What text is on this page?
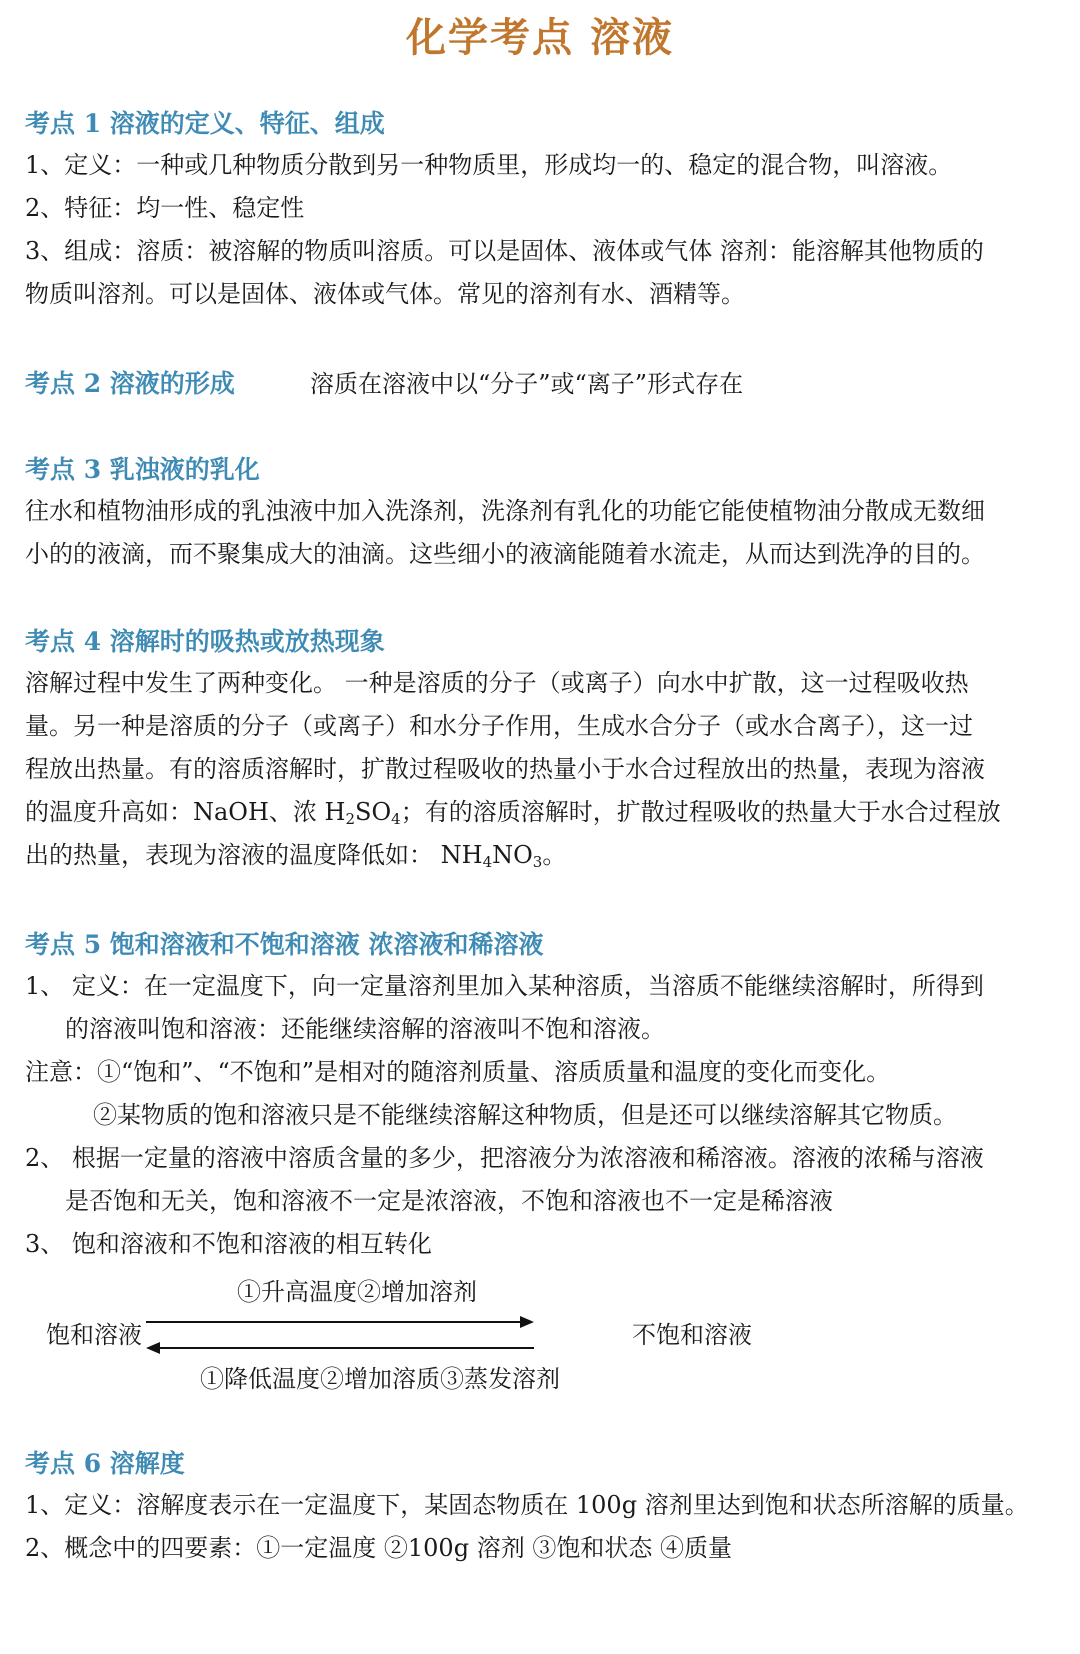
化学考点 溶液
考点 1 溶液的定义、特征、组成
1、定义：一种或几种物质分散到另一种物质里，形成均一的、稳定的混合物，叫溶液。
2、特征：均一性、稳定性
3、组成：溶质：被溶解的物质叫溶质。可以是固体、液体或气体 溶剂：能溶解其他物质的
物质叫溶剂。可以是固体、液体或气体。常见的溶剂有水、酒精等。
考点 2 溶液的形成	溶质在溶液中以“分子”或“离子”形式存在
考点 3 乳浊液的乳化
往水和植物油形成的乳浊液中加入洗涤剂，洗涤剂有乳化的功能它能使植物油分散成无数细
小的的液滴，而不聚集成大的油滴。这些细小的液滴能随着水流走，从而达到洗净的目的。
考点 4 溶解时的吸热或放热现象
溶解过程中发生了两种变化。 一种是溶质的分子（或离子）向水中扩散，这一过程吸收热
量。另一种是溶质的分子（或离子）和水分子作用，生成水合分子（或水合离子），这一过
程放出热量。有的溶质溶解时，扩散过程吸收的热量小于水合过程放出的热量，表现为溶液
的温度升高如：NaOH、浓 $H_2SO_4$；有的溶质溶解时，扩散过程吸收的热量大于水合过程放
出的热量，表现为溶液的温度降低如： $NH_4NO_3$。
考点 5 饱和溶液和不饱和溶液 浓溶液和稀溶液
1、 定义：在一定温度下，向一定量溶剂里加入某种溶质，当溶质不能继续溶解时，所得到
的溶液叫饱和溶液：还能继续溶解的溶液叫不饱和溶液。
注意：①“饱和”、“不饱和”是相对的随溶剂质量、溶质质量和温度的变化而变化。
②某物质的饱和溶液只是不能继续溶解这种物质，但是还可以继续溶解其它物质。
2、 根据一定量的溶液中溶质含量的多少，把溶液分为浓溶液和稀溶液。溶液的浓稀与溶液
是否饱和无关，饱和溶液不一定是浓溶液，不饱和溶液也不一定是稀溶液
3、 饱和溶液和不饱和溶液的相互转化
①升高温度②增加溶剂
饱和溶液	不饱和溶液
①降低温度②增加溶质③蒸发溶剂
考点 6 溶解度
1、定义：溶解度表示在一定温度下，某固态物质在 100g 溶剂里达到饱和状态所溶解的质量。
2、概念中的四要素：①一定温度 ②100g 溶剂 ③饱和状态 ④质量
